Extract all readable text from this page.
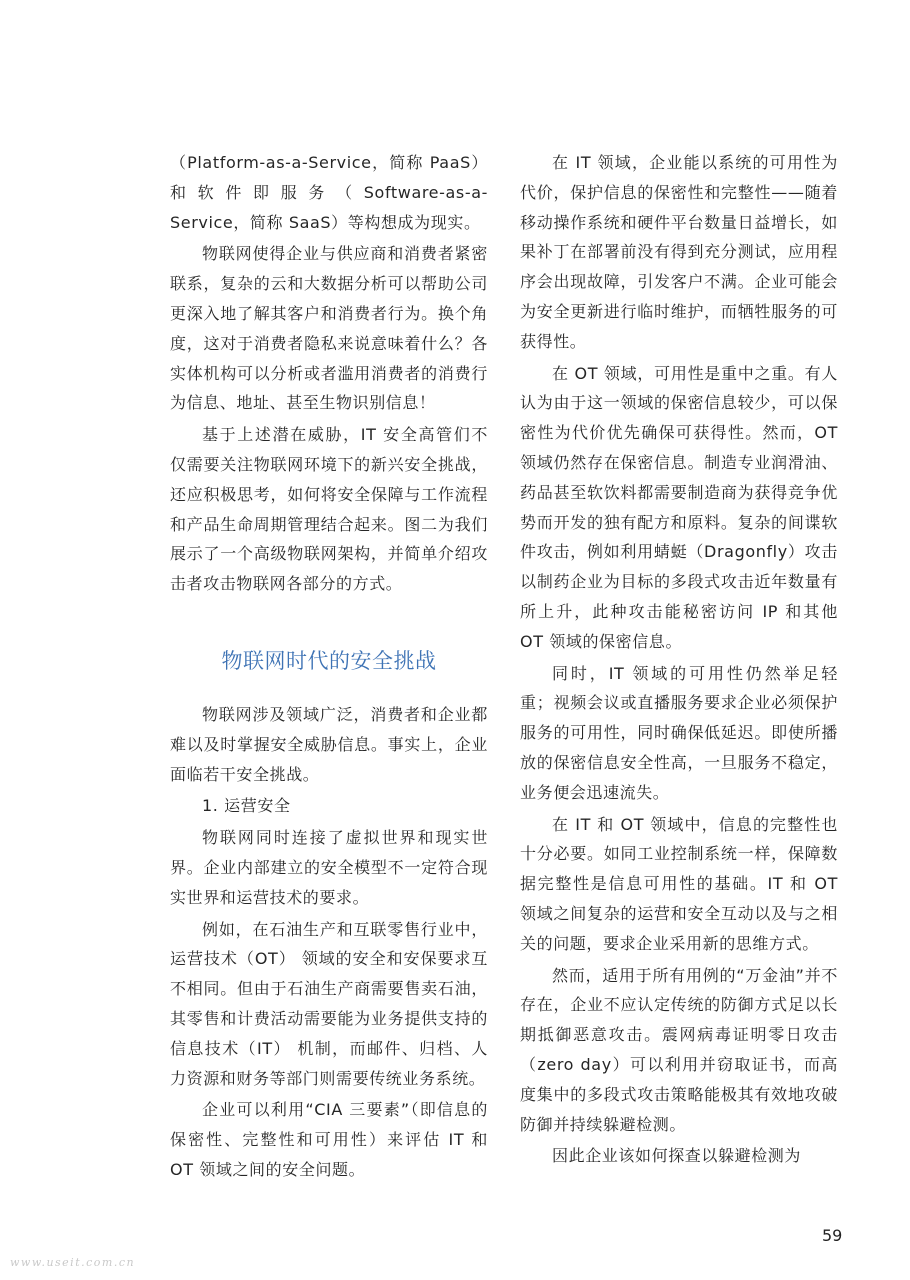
（Platform-as-a-Service，简称 PaaS）和软件即服务（Software-as-a-Service，简称 SaaS）等构想成为现实。

物联网使得企业与供应商和消费者紧密联系，复杂的云和大数据分析可以帮助公司更深入地了解其客户和消费者行为。换个角度，这对于消费者隐私来说意味着什么？各实体机构可以分析或者滥用消费者的消费行为信息、地址、甚至生物识别信息！

基于上述潜在威胁，IT 安全高管们不仅需要关注物联网环境下的新兴安全挑战，还应积极思考，如何将安全保障与工作流程和产品生命周期管理结合起来。图二为我们展示了一个高级物联网架构，并简单介绍攻击者攻击物联网各部分的方式。

物联网时代的安全挑战

物联网涉及领域广泛，消费者和企业都难以及时掌握安全威胁信息。事实上，企业面临若干安全挑战。

1. 运营安全

物联网同时连接了虚拟世界和现实世界。企业内部建立的安全模型不一定符合现实世界和运营技术的要求。

例如，在石油生产和互联零售行业中，运营技术（OT） 领域的安全和安保要求互不相同。但由于石油生产商需要售卖石油，其零售和计费活动需要能为业务提供支持的信息技术（IT） 机制，而邮件、归档、人力资源和财务等部门则需要传统业务系统。

企业可以利用“CIA 三要素”（即信息的保密性、完整性和可用性）来评估 IT 和 OT 领域之间的安全问题。

在 IT 领域，企业能以系统的可用性为代价，保护信息的保密性和完整性——随着移动操作系统和硬件平台数量日益增长，如果补丁在部署前没有得到充分测试，应用程序会出现故障，引发客户不满。企业可能会为安全更新进行临时维护，而牺牲服务的可获得性。

在 OT 领域，可用性是重中之重。有人认为由于这一领域的保密信息较少，可以保密性为代价优先确保可获得性。然而，OT 领域仍然存在保密信息。制造专业润滑油、药品甚至软饮料都需要制造商为获得竞争优势而开发的独有配方和原料。复杂的间谍软件攻击，例如利用蜻蜓（Dragonfly）攻击以制药企业为目标的多段式攻击近年数量有所上升，此种攻击能秘密访问 IP 和其他 OT 领域的保密信息。

同时，IT 领域的可用性仍然举足轻重；视频会议或直播服务要求企业必须保护服务的可用性，同时确保低延迟。即使所播放的保密信息安全性高，一旦服务不稳定，业务便会迅速流失。

在 IT 和 OT 领域中，信息的完整性也十分必要。如同工业控制系统一样，保障数据完整性是信息可用性的基础。IT 和 OT 领域之间复杂的运营和安全互动以及与之相关的问题，要求企业采用新的思维方式。

然而，适用于所有用例的“万金油”并不存在，企业不应认定传统的防御方式足以长期抵御恶意攻击。震网病毒证明零日攻击（zero day）可以利用并窃取证书，而高度集中的多段式攻击策略能极其有效地攻破防御并持续躲避检测。

因此企业该如何探查以躲避检测为

59
www.useit.com.cn
